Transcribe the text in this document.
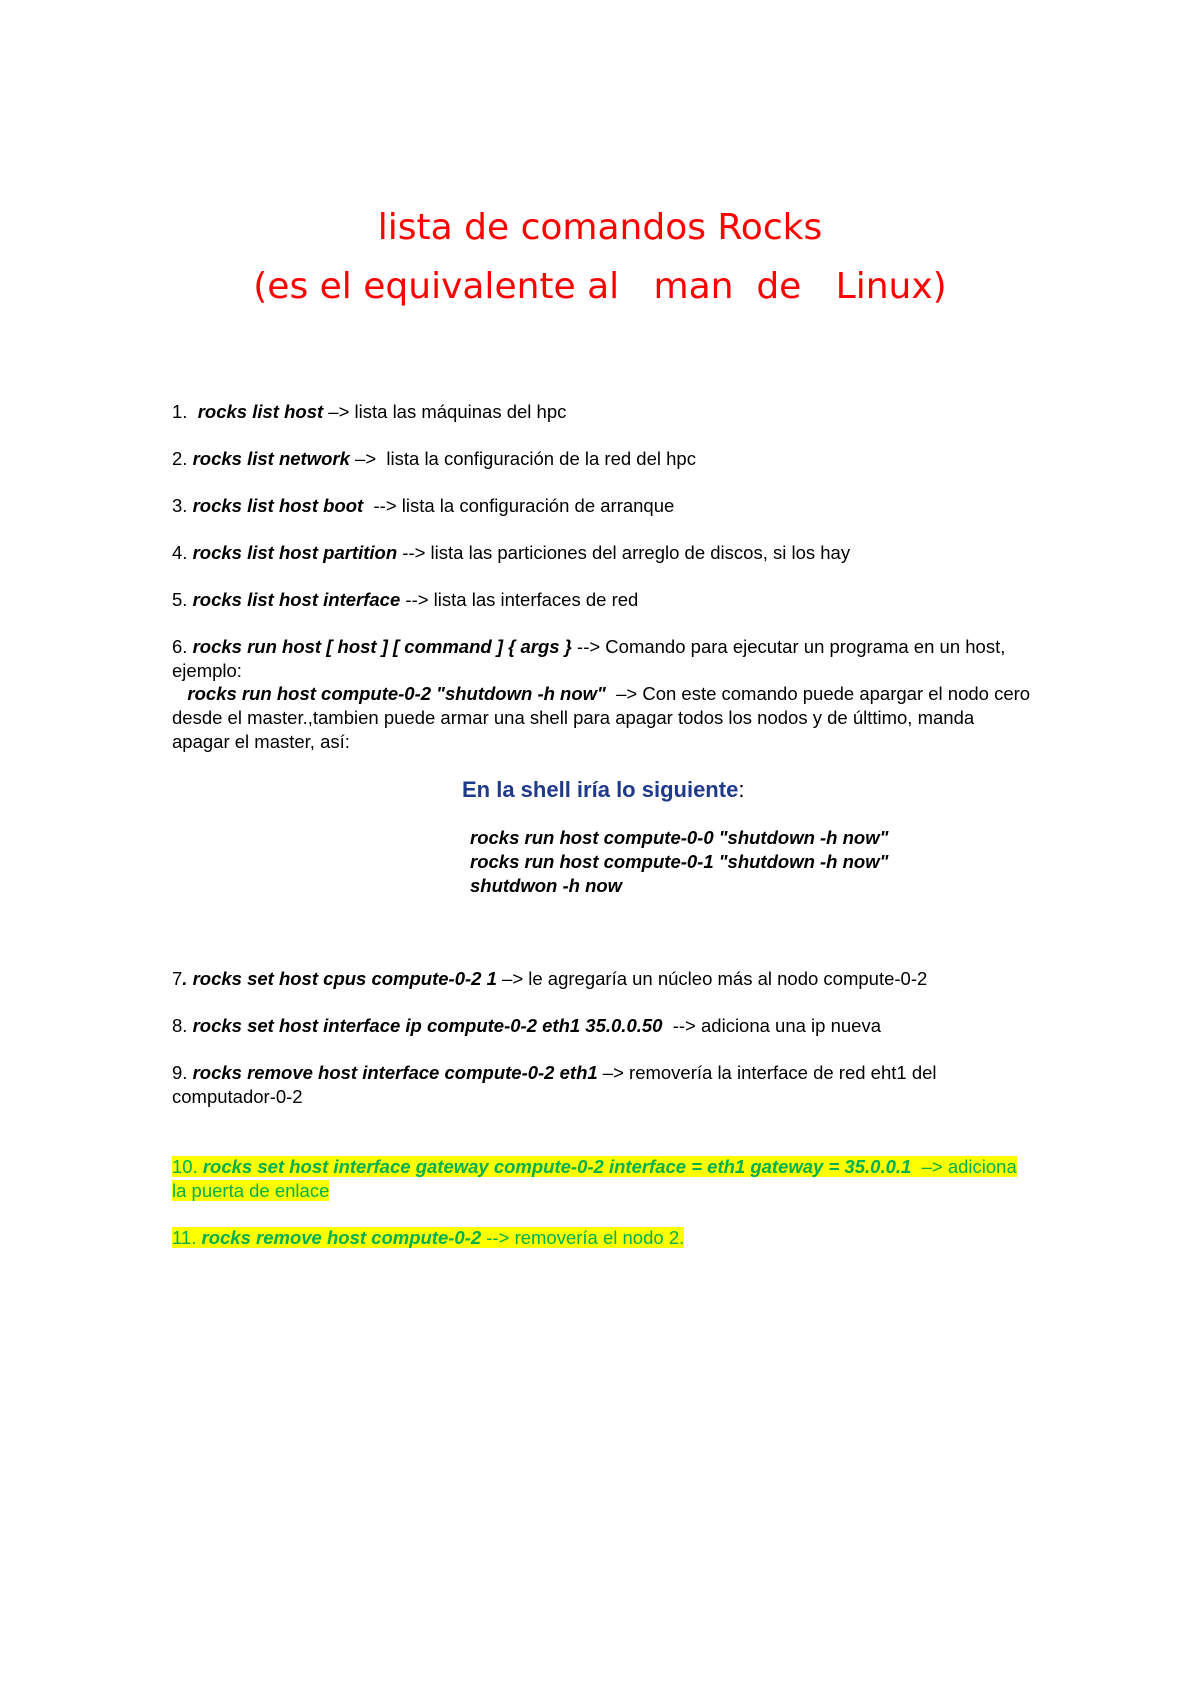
lista de comandos Rocks
(es el equivalente al   man  de   Linux)
1. rocks list host –> lista las máquinas del hpc
2. rocks list network –>  lista la configuración de la red del hpc
3. rocks list host boot  --> lista la configuración de arranque
4. rocks list host partition --> lista las particiones del arreglo de discos, si los hay
5. rocks list host interface --> lista las interfaces de red
6. rocks run host [ host ] [ command ] { args } --> Comando para ejecutar un programa en un host, ejemplo:
rocks run host compute-0-2 "shutdown -h now"  –> Con este comando puede apargar el nodo cero desde el master.,tambien puede armar una shell para apagar todos los nodos y de últtimo, manda apagar el master, así:
En la shell iría lo siguiente:
rocks run host compute-0-0 "shutdown -h now"
rocks run host compute-0-1 "shutdown -h now"
shutdwon -h now
7. rocks set host cpus compute-0-2 1 –> le agregaría un núcleo más al nodo compute-0-2
8. rocks set host interface ip compute-0-2 eth1 35.0.0.50  --> adiciona una ip nueva
9. rocks remove host interface compute-0-2 eth1 –> removería la interface de red eht1 del computador-0-2
10. rocks set host interface gateway compute-0-2 interface = eth1 gateway = 35.0.0.1  –> adiciona la puerta de enlace
11. rocks remove host compute-0-2 --> removería el nodo 2.
